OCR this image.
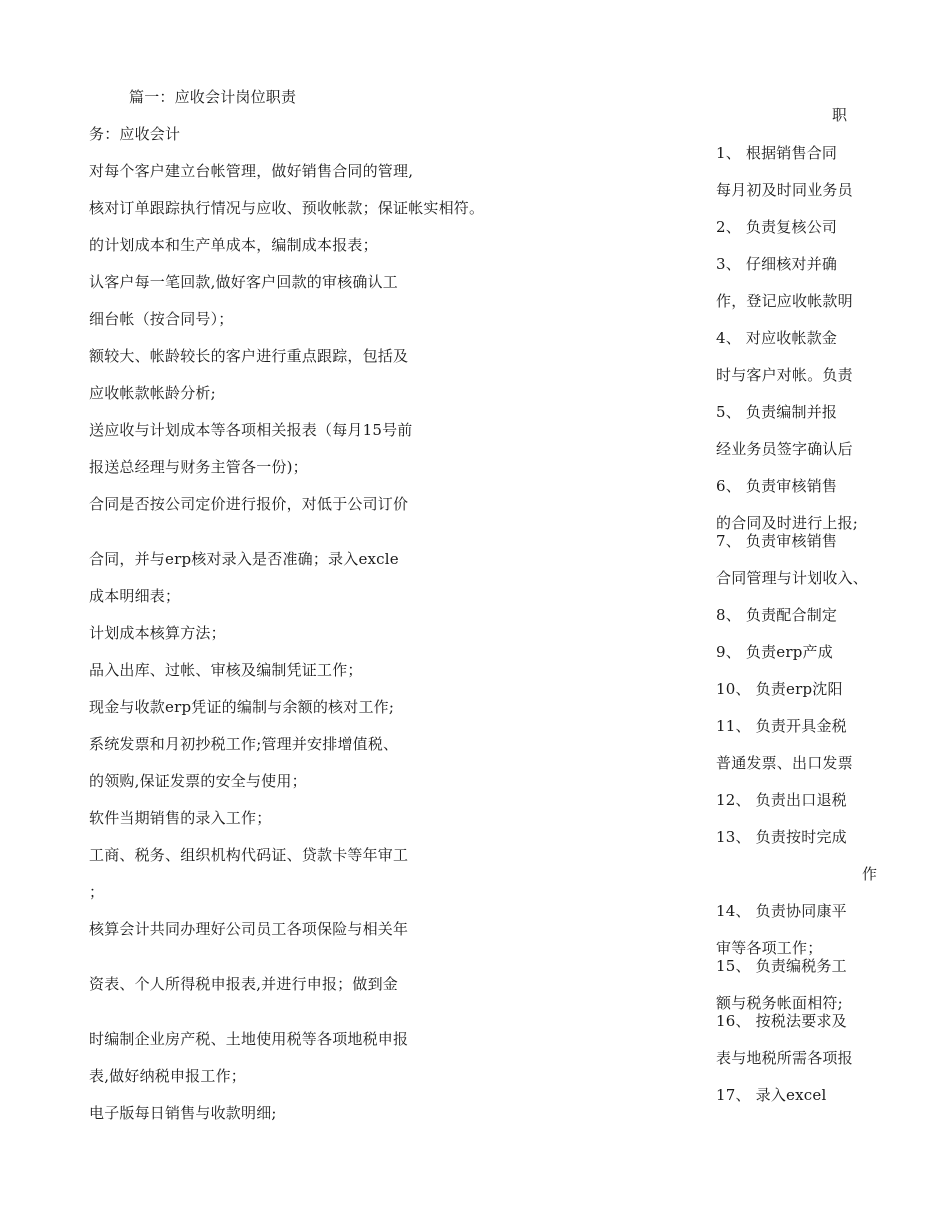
篇一：应收会计岗位职责
务：应收会计
对每个客户建立台帐管理，做好销售合同的管理,
核对订单跟踪执行情况与应收、预收帐款；保证帐实相符。
的计划成本和生产单成本，编制成本报表；
认客户每一笔回款,做好客户回款的审核确认工
细台帐（按合同号）；
额较大、帐龄较长的客户进行重点跟踪，包括及
应收帐款帐龄分析;
送应收与计划成本等各项相关报表（每月15号前
报送总经理与财务主管各一份)；
合同是否按公司定价进行报价，对低于公司订价
合同，并与erp核对录入是否准确；录入excle
成本明细表；
计划成本核算方法；
品入出库、过帐、审核及编制凭证工作；
现金与收款erp凭证的编制与余额的核对工作;
系统发票和月初抄税工作;管理并安排增值税、
的领购,保证发票的安全与使用；
软件当期销售的录入工作；
工商、税务、组织机构代码证、贷款卡等年审工
；
核算会计共同办理好公司员工各项保险与相关年
资表、个人所得税申报表,并进行申报；做到金
时编制企业房产税、土地使用税等各项地税申报
表,做好纳税申报工作；
电子版每日销售与收款明细;
职
1、 根据销售合同
每月初及时同业务员
2、 负责复核公司
3、 仔细核对并确
作，登记应收帐款明
4、 对应收帐款金
时与客户对帐。负责
5、 负责编制并报
经业务员签字确认后
6、 负责审核销售
的合同及时进行上报;
7、 负责审核销售
合同管理与计划收入、
8、 负责配合制定
9、 负责erp产成
10、 负责erp沈阳
11、 负责开具金税
普通发票、出口发票
12、 负责出口退税
13、 负责按时完成
作
14、 负责协同康平
审等各项工作；
15、 负责编税务工
额与税务帐面相符;
16、 按税法要求及
表与地税所需各项报
17、 录入excel
